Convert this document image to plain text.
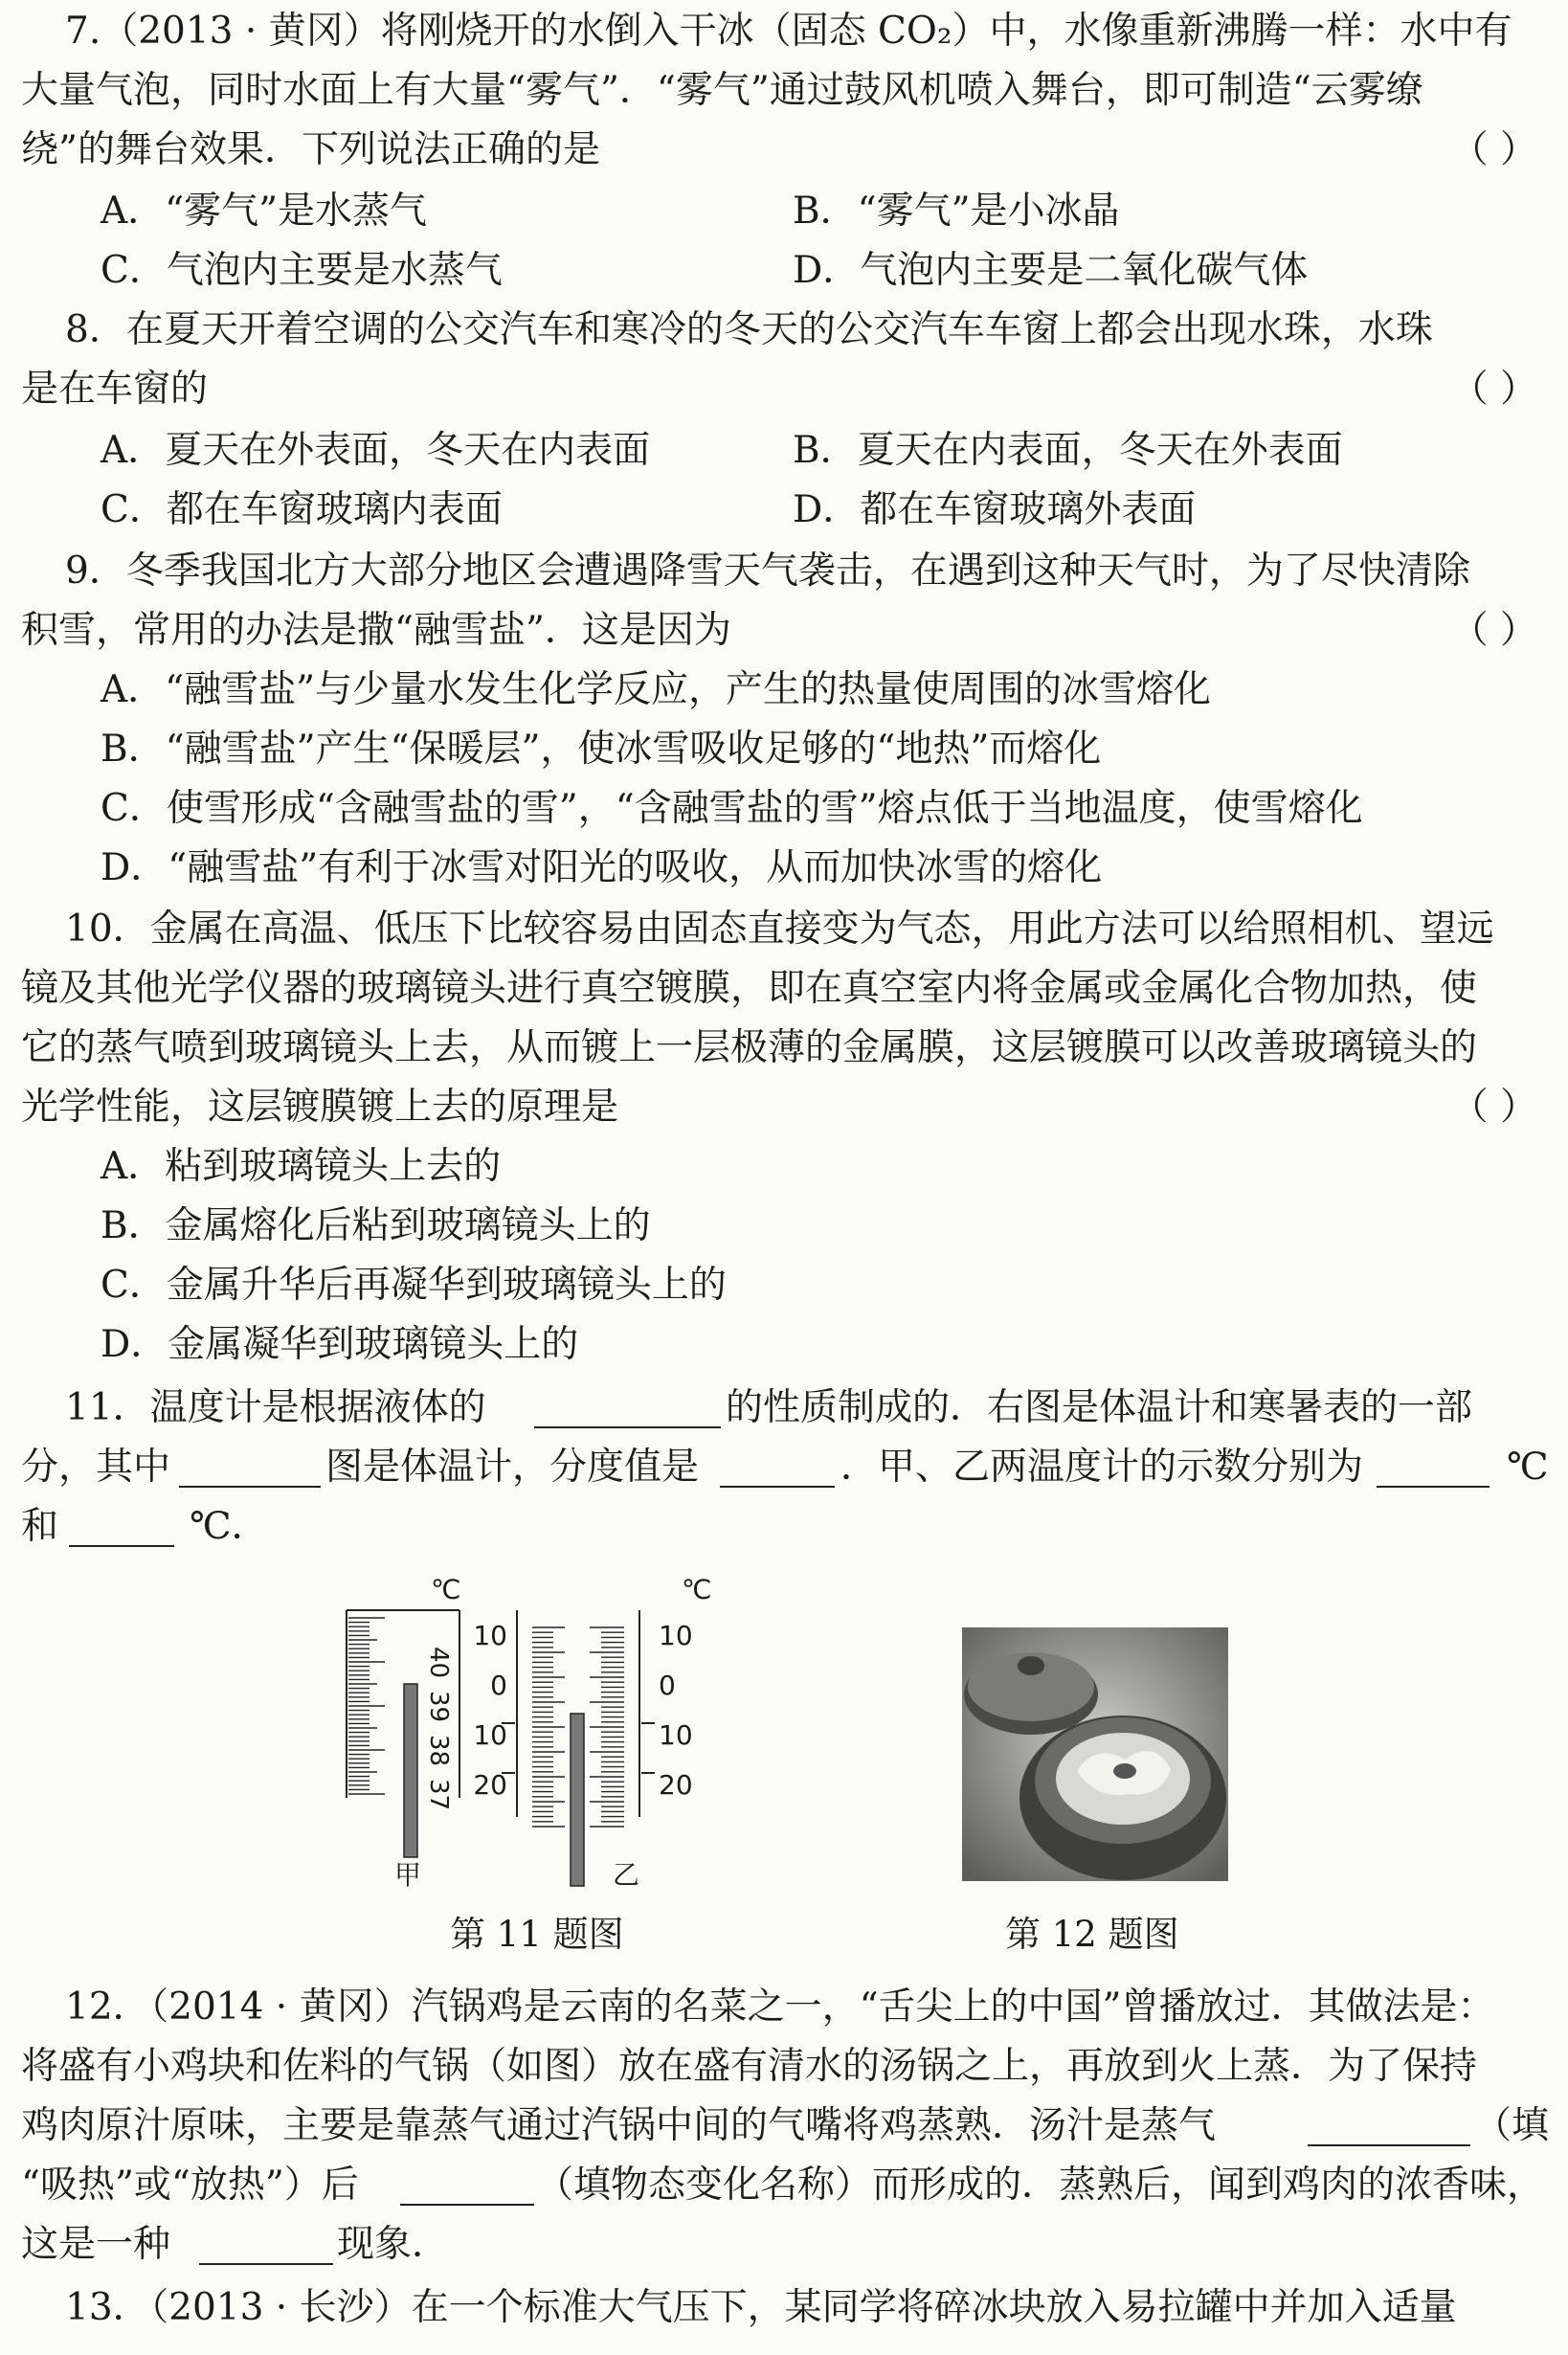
7.（2013 · 黄冈）将刚烧开的水倒入干冰（固态 CO₂）中，水像重新沸腾一样：水中有
大量气泡，同时水面上有大量“雾气”．“雾气”通过鼓风机喷入舞台，即可制造“云雾缭
绕”的舞台效果．下列说法正确的是	（ ）
A．“雾气”是水蒸气	B．“雾气”是小冰晶
C．气泡内主要是水蒸气	D．气泡内主要是二氧化碳气体
8．在夏天开着空调的公交汽车和寒冷的冬天的公交汽车车窗上都会出现水珠，水珠
是在车窗的	（ ）
A．夏天在外表面，冬天在内表面	B．夏天在内表面，冬天在外表面
C．都在车窗玻璃内表面	D．都在车窗玻璃外表面
9．冬季我国北方大部分地区会遭遇降雪天气袭击，在遇到这种天气时，为了尽快清除
积雪，常用的办法是撒“融雪盐”．这是因为	（ ）
A．“融雪盐”与少量水发生化学反应，产生的热量使周围的冰雪熔化
B．“融雪盐”产生“保暖层”，使冰雪吸收足够的“地热”而熔化
C．使雪形成“含融雪盐的雪”，“含融雪盐的雪”熔点低于当地温度，使雪熔化
D．“融雪盐”有利于冰雪对阳光的吸收，从而加快冰雪的熔化
10．金属在高温、低压下比较容易由固态直接变为气态，用此方法可以给照相机、望远
镜及其他光学仪器的玻璃镜头进行真空镀膜，即在真空室内将金属或金属化合物加热，使
它的蒸气喷到玻璃镜头上去，从而镀上一层极薄的金属膜，这层镀膜可以改善玻璃镜头的
光学性能，这层镀膜镀上去的原理是	（ ）
A．粘到玻璃镜头上去的
B．金属熔化后粘到玻璃镜头上的
C．金属升华后再凝华到玻璃镜头上的
D．金属凝华到玻璃镜头上的
11．温度计是根据液体的	的性质制成的．右图是体温计和寒暑表的一部
分，其中	图是体温计，分度值是	．甲、乙两温度计的示数分别为	℃
和	℃．
℃
40
39
38
37
甲
℃
10
0
10
20
10
0
10
20
乙
第 11 题图	第 12 题图
12．（2014 · 黄冈）汽锅鸡是云南的名菜之一，“舌尖上的中国”曾播放过．其做法是：
将盛有小鸡块和佐料的气锅（如图）放在盛有清水的汤锅之上，再放到火上蒸．为了保持
鸡肉原汁原味，主要是靠蒸气通过汽锅中间的气嘴将鸡蒸熟．汤汁是蒸气	（填
“吸热”或“放热”）后	（填物态变化名称）而形成的．蒸熟后，闻到鸡肉的浓香味，
这是一种	现象．
13．（2013 · 长沙）在一个标准大气压下，某同学将碎冰块放入易拉罐中并加入适量
